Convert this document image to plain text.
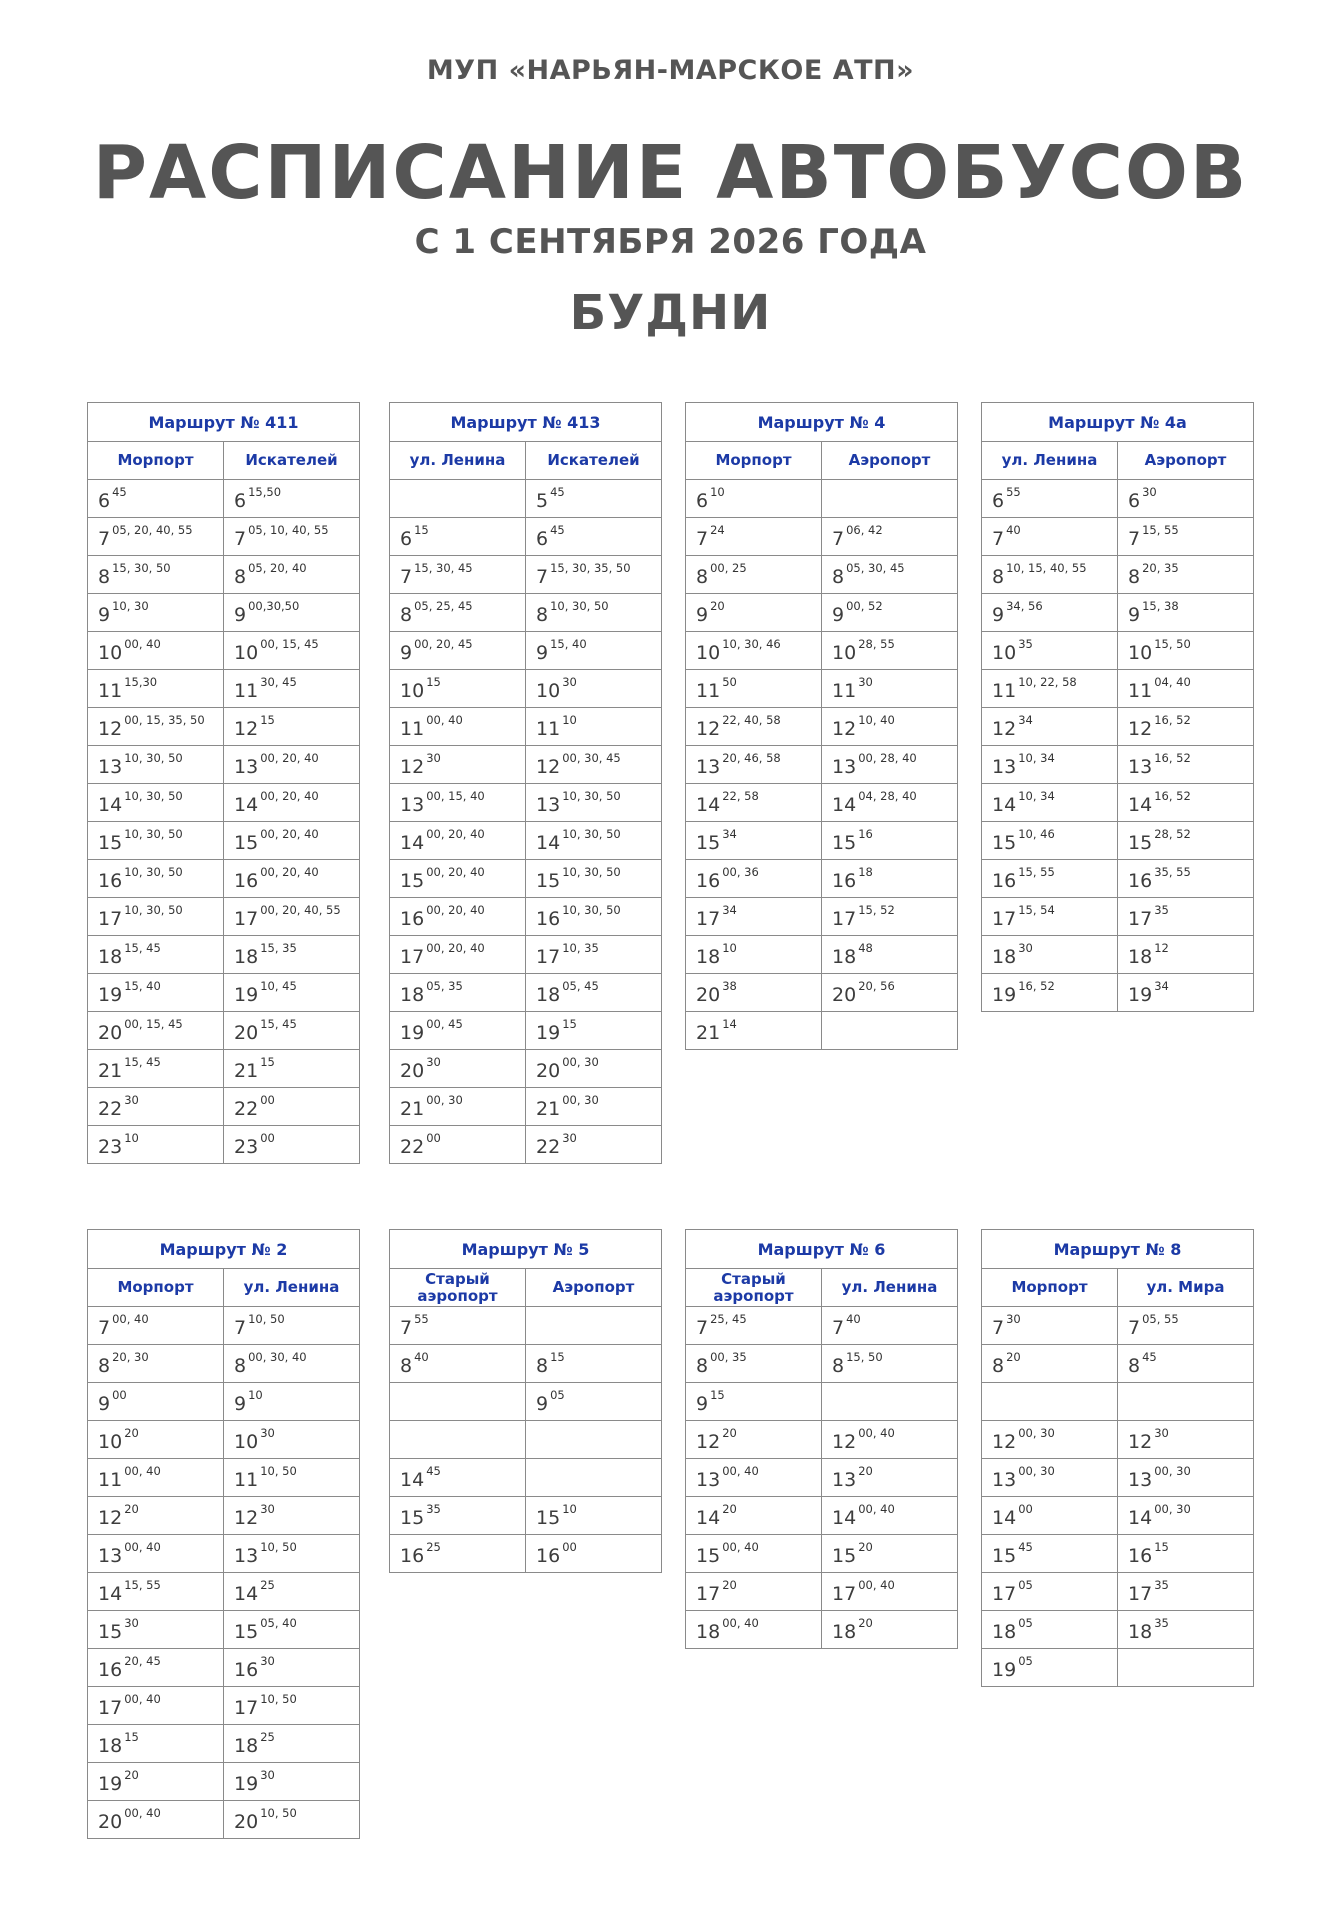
МУП «НАРЬЯН-МАРСКОЕ АТП»
РАСПИСАНИЕ АВТОБУСОВ
С 1 СЕНТЯБРЯ 2026 ГОДА
БУДНИ
Маршрут № 411	
Морпорт	Искателей
6 $^{45}$	6 $^{15,50}$
7 $^{05, 20, 40, 55}$	7 $^{05, 10, 40, 55}$
8 $^{15, 30, 50}$	8 $^{05, 20, 40}$
9 $^{10, 30}$	9 $^{00,30,50}$
10 $^{00, 40}$	10 $^{00, 15, 45}$
11 $^{15,30}$	11 $^{30, 45}$
12 $^{00, 15, 35, 50}$	12 $^{15}$
13 $^{10, 30, 50}$	13 $^{00, 20, 40}$
14 $^{10, 30, 50}$	14 $^{00, 20, 40}$
15 $^{10, 30, 50}$	15 $^{00, 20, 40}$
16 $^{10, 30, 50}$	16 $^{00, 20, 40}$
17 $^{10, 30, 50}$	17 $^{00, 20, 40, 55}$
18 $^{15, 45}$	18 $^{15, 35}$
19 $^{15, 40}$	19 $^{10, 45}$
20 $^{00, 15, 45}$	20 $^{15, 45}$
21 $^{15, 45}$	21 $^{15}$
22 $^{30}$	22 $^{00}$
23 $^{10}$	23 $^{00}$
Маршрут № 413	
ул. Ленина	Искателей
	5 $^{45}$
6 $^{15}$	6 $^{45}$
7 $^{15, 30, 45}$	7 $^{15, 30, 35, 50}$
8 $^{05, 25, 45}$	8 $^{10, 30, 50}$
9 $^{00, 20, 45}$	9 $^{15, 40}$
10 $^{15}$	10 $^{30}$
11 $^{00, 40}$	11 $^{10}$
12 $^{30}$	12 $^{00, 30, 45}$
13 $^{00, 15, 40}$	13 $^{10, 30, 50}$
14 $^{00, 20, 40}$	14 $^{10, 30, 50}$
15 $^{00, 20, 40}$	15 $^{10, 30, 50}$
16 $^{00, 20, 40}$	16 $^{10, 30, 50}$
17 $^{00, 20, 40}$	17 $^{10, 35}$
18 $^{05, 35}$	18 $^{05, 45}$
19 $^{00, 45}$	19 $^{15}$
20 $^{30}$	20 $^{00, 30}$
21 $^{00, 30}$	21 $^{00, 30}$
22 $^{00}$	22 $^{30}$
Маршрут № 4	
Морпорт	Аэропорт
6 $^{10}$	
7 $^{24}$	7 $^{06, 42}$
8 $^{00, 25}$	8 $^{05, 30, 45}$
9 $^{20}$	9 $^{00, 52}$
10 $^{10, 30, 46}$	10 $^{28, 55}$
11 $^{50}$	11 $^{30}$
12 $^{22, 40, 58}$	12 $^{10, 40}$
13 $^{20, 46, 58}$	13 $^{00, 28, 40}$
14 $^{22, 58}$	14 $^{04, 28, 40}$
15 $^{34}$	15 $^{16}$
16 $^{00, 36}$	16 $^{18}$
17 $^{34}$	17 $^{15, 52}$
18 $^{10}$	18 $^{48}$
20 $^{38}$	20 $^{20, 56}$
21 $^{14}$	
Маршрут № 4а	
ул. Ленина	Аэропорт
6 $^{55}$	6 $^{30}$
7 $^{40}$	7 $^{15, 55}$
8 $^{10, 15, 40, 55}$	8 $^{20, 35}$
9 $^{34, 56}$	9 $^{15, 38}$
10 $^{35}$	10 $^{15, 50}$
11 $^{10, 22, 58}$	11 $^{04, 40}$
12 $^{34}$	12 $^{16, 52}$
13 $^{10, 34}$	13 $^{16, 52}$
14 $^{10, 34}$	14 $^{16, 52}$
15 $^{10, 46}$	15 $^{28, 52}$
16 $^{15, 55}$	16 $^{35, 55}$
17 $^{15, 54}$	17 $^{35}$
18 $^{30}$	18 $^{12}$
19 $^{16, 52}$	19 $^{34}$
Маршрут № 2	
Морпорт	ул. Ленина
7 $^{00, 40}$	7 $^{10, 50}$
8 $^{20, 30}$	8 $^{00, 30, 40}$
9 $^{00}$	9 $^{10}$
10 $^{20}$	10 $^{30}$
11 $^{00, 40}$	11 $^{10, 50}$
12 $^{20}$	12 $^{30}$
13 $^{00, 40}$	13 $^{10, 50}$
14 $^{15, 55}$	14 $^{25}$
15 $^{30}$	15 $^{05, 40}$
16 $^{20, 45}$	16 $^{30}$
17 $^{00, 40}$	17 $^{10, 50}$
18 $^{15}$	18 $^{25}$
19 $^{20}$	19 $^{30}$
20 $^{00, 40}$	20 $^{10, 50}$
Маршрут № 5	
Старый аэропорт	Аэропорт
7 $^{55}$	
8 $^{40}$	8 $^{15}$
	9 $^{05}$

14 $^{45}$	
15 $^{35}$	15 $^{10}$
16 $^{25}$	16 $^{00}$
Маршрут № 6	
Старый аэропорт	ул. Ленина
7 $^{25, 45}$	7 $^{40}$
8 $^{00, 35}$	8 $^{15, 50}$
9 $^{15}$	
12 $^{20}$	12 $^{00, 40}$
13 $^{00, 40}$	13 $^{20}$
14 $^{20}$	14 $^{00, 40}$
15 $^{00, 40}$	15 $^{20}$
17 $^{20}$	17 $^{00, 40}$
18 $^{00, 40}$	18 $^{20}$
Маршрут № 8	
Морпорт	ул. Мира
7 $^{30}$	7 $^{05, 55}$
8 $^{20}$	8 $^{45}$

12 $^{00, 30}$	12 $^{30}$
13 $^{00, 30}$	13 $^{00, 30}$
14 $^{00}$	14 $^{00, 30}$
15 $^{45}$	16 $^{15}$
17 $^{05}$	17 $^{35}$
18 $^{05}$	18 $^{35}$
19 $^{05}$	
